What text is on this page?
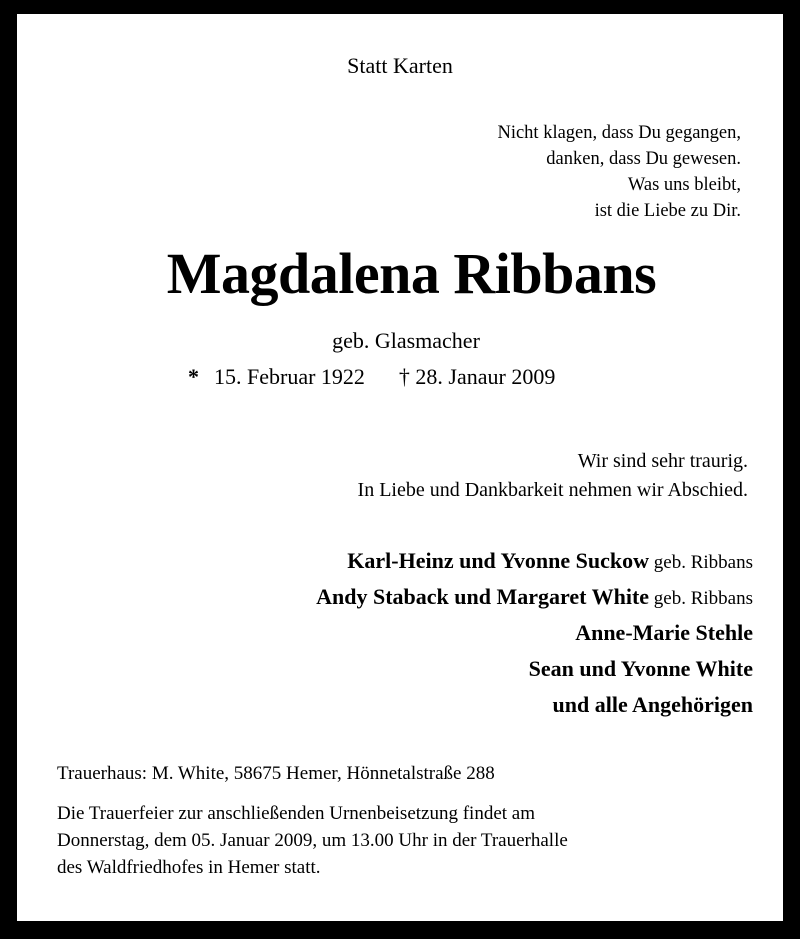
Statt Karten
Nicht klagen, dass Du gegangen,
danken, dass Du gewesen.
Was uns bleibt,
ist die Liebe zu Dir.
Magdalena Ribbans
geb. Glasmacher
* 15. Februar 1922 † 28. Janaur 2009
Wir sind sehr traurig.
In Liebe und Dankbarkeit nehmen wir Abschied.
Karl-Heinz und Yvonne Suckow geb. Ribbans
Andy Staback und Margaret White geb. Ribbans
Anne-Marie Stehle
Sean und Yvonne White
und alle Angehörigen
Trauerhaus: M. White, 58675 Hemer, Hönnetalstraße 288
Die Trauerfeier zur anschließenden Urnenbeisetzung findet am
Donnerstag, dem 05. Januar 2009, um 13.00 Uhr in der Trauerhalle
des Waldfriedhofes in Hemer statt.
